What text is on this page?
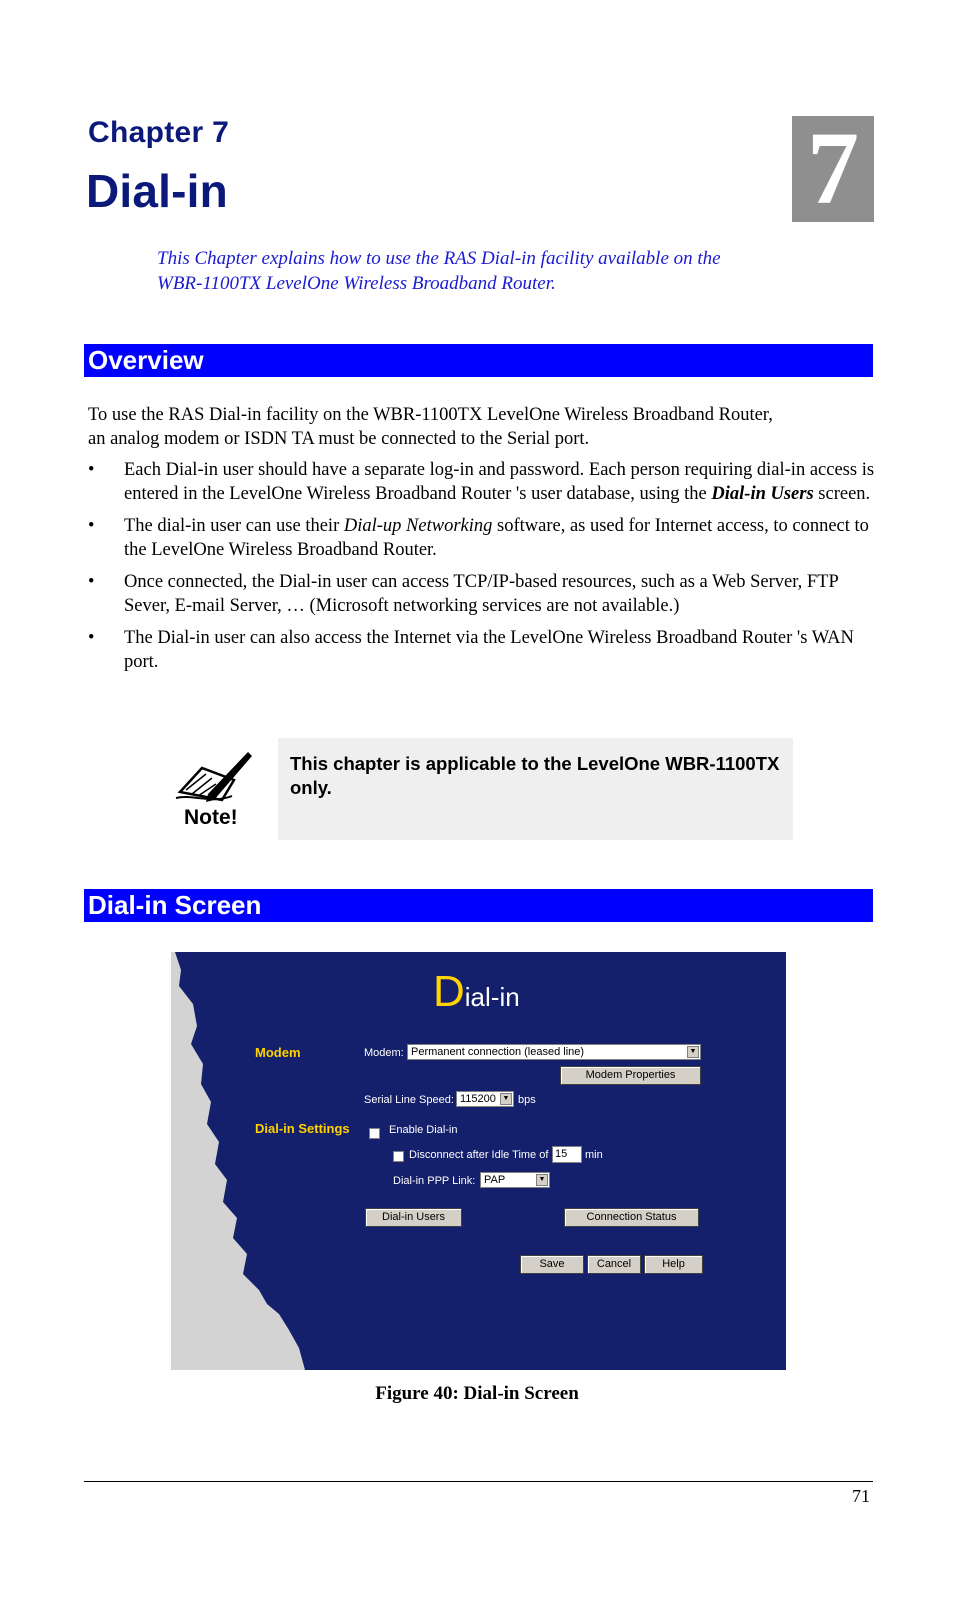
Chapter 7
Dial-in	7
This Chapter explains how to use the RAS Dial-in facility available on the
WBR-1100TX LevelOne Wireless Broadband Router.
Overview
To use the RAS Dial-in facility on the WBR-1100TX LevelOne Wireless Broadband Router,
an analog modem or ISDN TA must be connected to the Serial port.
• Each Dial-in user should have a separate log-in and password. Each person requiring dial-in access is entered in the LevelOne Wireless Broadband Router 's user database, using the Dial-in Users screen.
• The dial-in user can use their Dial-up Networking software, as used for Internet access, to connect to the LevelOne Wireless Broadband Router.
• Once connected, the Dial-in user can access TCP/IP-based resources, such as a Web Server, FTP Sever, E-mail Server, … (Microsoft networking services are not available.)
• The Dial-in user can also access the Internet via the LevelOne Wireless Broadband Router 's WAN port.
Note!
This chapter is applicable to the LevelOne WBR-1100TX only.
Dial-in Screen
Dial-in
Modem	Modem: Permanent connection (leased line)	▼
Modem Properties
Serial Line Speed: 115200 ▼ bps
Dial-in Settings	Enable Dial-in
Disconnect after Idle Time of 15	min
Dial-in PPP Link: PAP	▼
Dial-in Users	Connection Status
Save	Cancel	Help
Figure 40: Dial-in Screen
71
